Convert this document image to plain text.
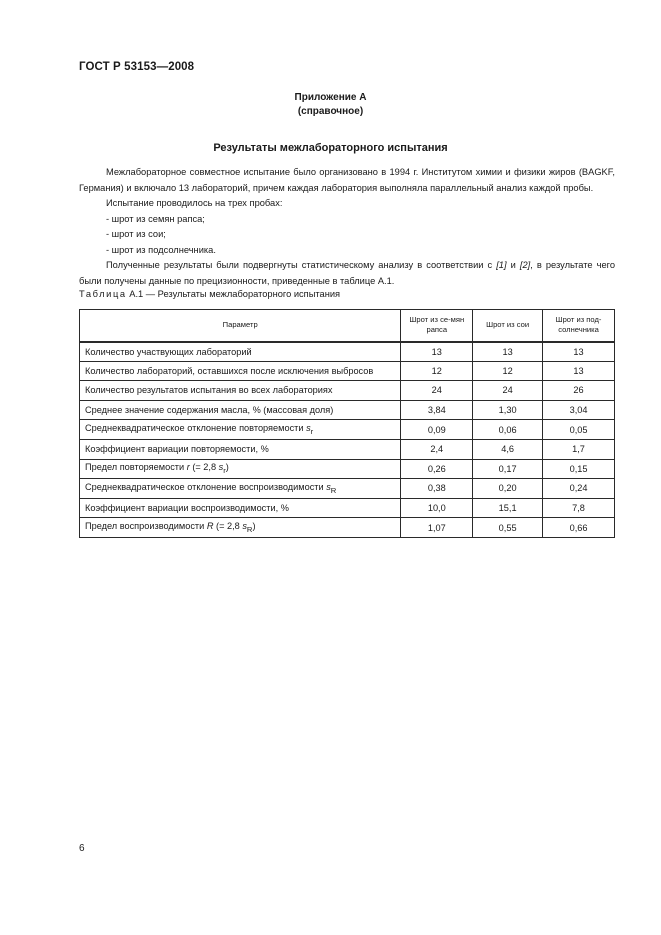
ГОСТ Р 53153—2008
Приложение А
(справочное)
Результаты межлабораторного испытания

Межлабораторное совместное испытание было организовано в 1994 г. Институтом химии и физики жиров (BAGKF, Германия) и включало 13 лабораторий, причем каждая лаборатория выполняла параллельный анализ каждой пробы.

Испытание проводилось на трех пробах:

- шрот из семян рапса;

- шрот из сои;

- шрот из подсолнечника.

Полученные результаты были подвергнуты статистическому анализу в соответствии с [1] и [2], в результате чего были получены данные по прецизионности, приведенные в таблице А.1.

Таблица А.1 — Результаты межлабораторного испытания
Параметр	Шрот из се-мян рапса	Шрот из сои	Шрот из под-солнечника
Количество участвующих лабораторий	13	13	13
Количество лабораторий, оставшихся после исключения выбросов	12	12	13
Количество результатов испытания во всех лабораториях	24	24	26
Среднее значение содержания масла, % (массовая доля)	3,84	1,30	3,04
Среднеквадратическое отклонение повторяемости $s_r$	0,09	0,06	0,05
Коэффициент вариации повторяемости, %	2,4	4,6	1,7
Предел повторяемости r (= 2,8 $s_r$)	0,26	0,17	0,15
Среднеквадратическое отклонение воспроизводимости $s_R$	0,38	0,20	0,24
Коэффициент вариации воспроизводимости, %	10,0	15,1	7,8
Предел воспроизводимости R (= 2,8 $s_R$)	1,07	0,55	0,66
6
